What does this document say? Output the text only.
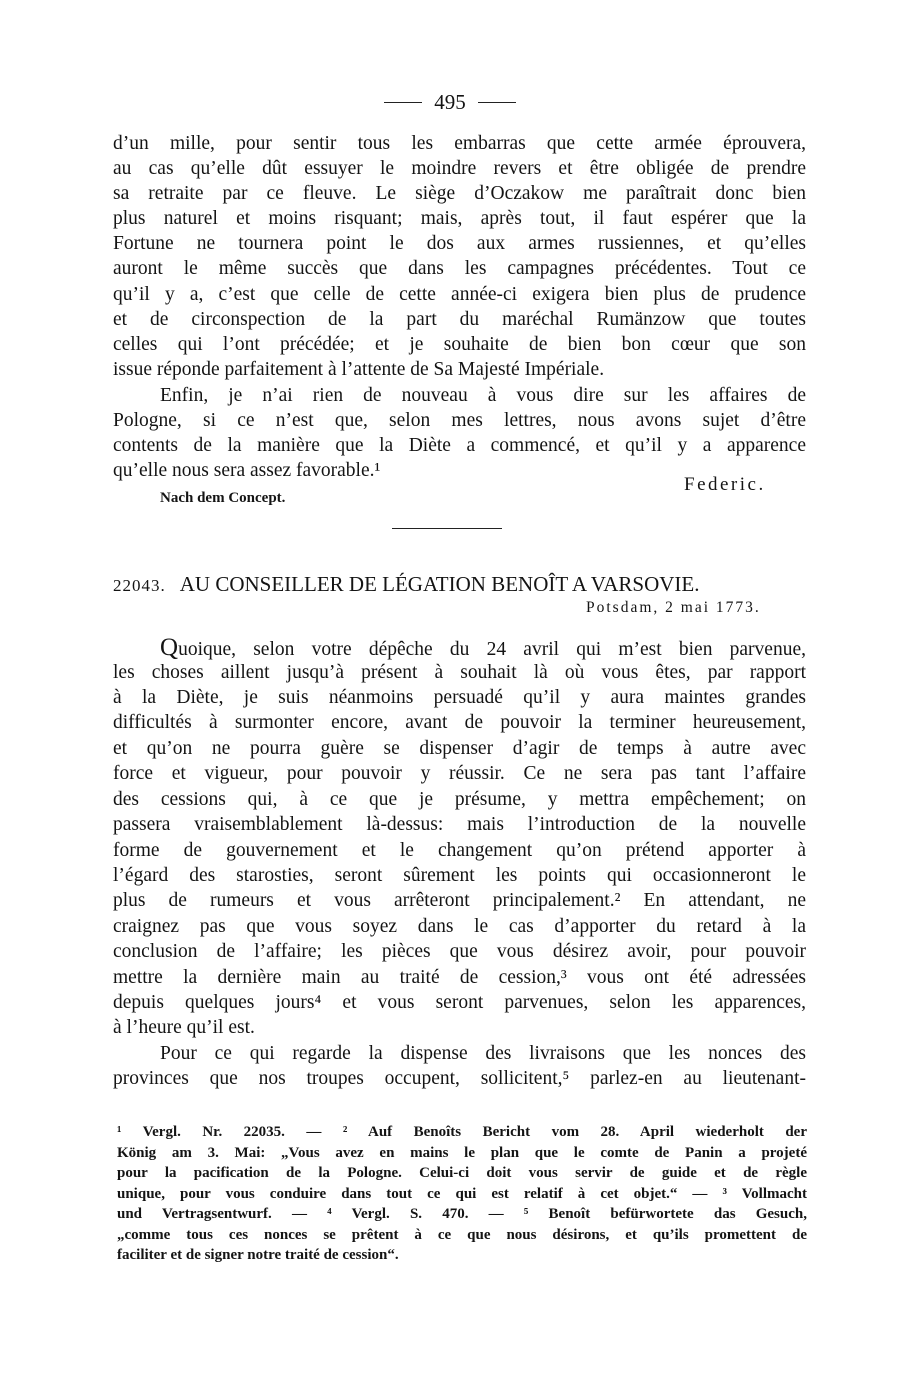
495
d’un mille, pour sentir tous les embarras que cette armée éprouvera,
au cas qu’elle dût essuyer le moindre revers et être obligée de prendre
sa retraite par ce fleuve. Le siège d’Oczakow me paraîtrait donc bien
plus naturel et moins risquant; mais, après tout, il faut espérer que la
Fortune ne tournera point le dos aux armes russiennes, et qu’elles
auront le même succès que dans les campagnes précédentes. Tout ce
qu’il y a, c’est que celle de cette année-ci exigera bien plus de prudence
et de circonspection de la part du maréchal Rumänzow que toutes
celles qui l’ont précédée; et je souhaite de bien bon cœur que son
issue réponde parfaitement à l’attente de Sa Majesté Impériale.
Enfin, je n’ai rien de nouveau à vous dire sur les affaires de
Pologne, si ce n’est que, selon mes lettres, nous avons sujet d’être
contents de la manière que la Diète a commencé, et qu’il y a apparence
qu’elle nous sera assez favorable.¹
Federic.
Nach dem Concept.
22043. AU CONSEILLER DE LÉGATION BENOÎT A VARSOVIE.
Potsdam, 2 mai 1773.
Quoique, selon votre dépêche du 24 avril qui m’est bien parvenue,
les choses aillent jusqu’à présent à souhait là où vous êtes, par rapport
à la Diète, je suis néanmoins persuadé qu’il y aura maintes grandes
difficultés à surmonter encore, avant de pouvoir la terminer heureusement,
et qu’on ne pourra guère se dispenser d’agir de temps à autre avec
force et vigueur, pour pouvoir y réussir. Ce ne sera pas tant l’affaire
des cessions qui, à ce que je présume, y mettra empêchement; on
passera vraisemblablement là-dessus: mais l’introduction de la nouvelle
forme de gouvernement et le changement qu’on prétend apporter à
l’égard des starosties, seront sûrement les points qui occasionneront le
plus de rumeurs et vous arrêteront principalement.² En attendant, ne
craignez pas que vous soyez dans le cas d’apporter du retard à la
conclusion de l’affaire; les pièces que vous désirez avoir, pour pouvoir
mettre la dernière main au traité de cession,³ vous ont été adressées
depuis quelques jours⁴ et vous seront parvenues, selon les apparences,
à l’heure qu’il est.
Pour ce qui regarde la dispense des livraisons que les nonces des
provinces que nos troupes occupent, sollicitent,⁵ parlez-en au lieutenant-
¹ Vergl. Nr. 22035. — ² Auf Benoîts Bericht vom 28. April wiederholt der
König am 3. Mai: „Vous avez en mains le plan que le comte de Panin a projeté
pour la pacification de la Pologne. Celui-ci doit vous servir de guide et de règle
unique, pour vous conduire dans tout ce qui est relatif à cet objet.“ — ³ Vollmacht
und Vertragsentwurf. — ⁴ Vergl. S. 470. — ⁵ Benoît befürwortete das Gesuch,
„comme tous ces nonces se prêtent à ce que nous désirons, et qu’ils promettent de
faciliter et de signer notre traité de cession“.
